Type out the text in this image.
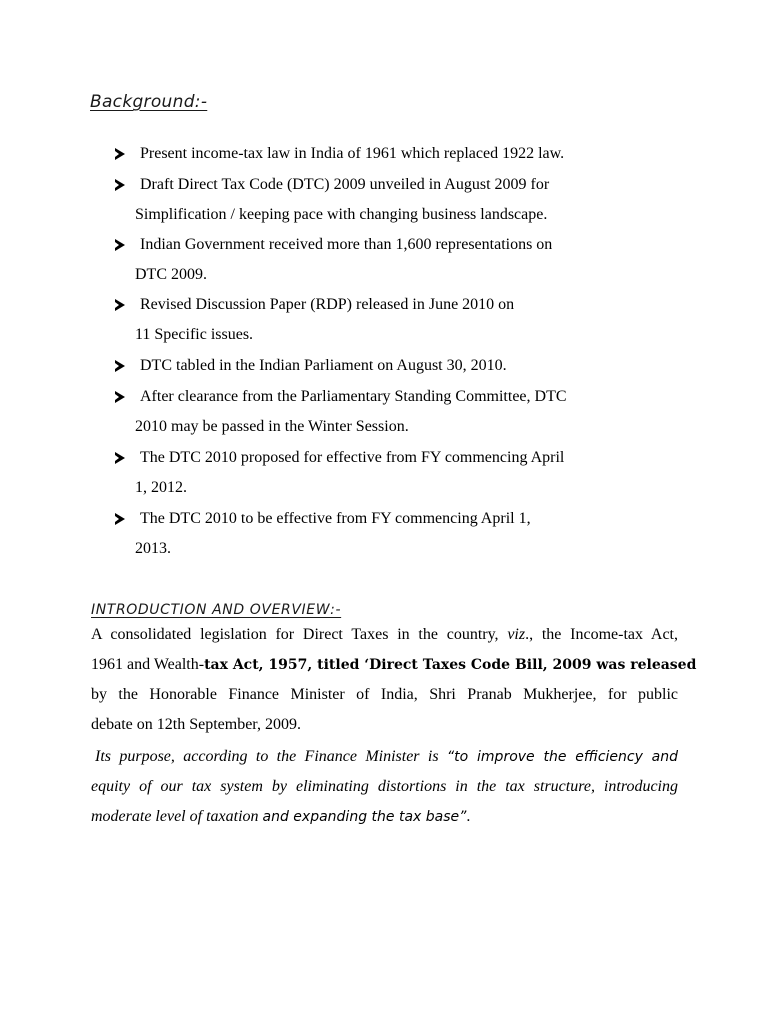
Background:-
Present income-tax law in India of 1961 which replaced 1922 law.
Draft Direct Tax Code (DTC) 2009 unveiled in August 2009 for
Simplification / keeping pace with changing business landscape.
Indian Government received more than 1,600 representations on
DTC 2009.
Revised Discussion Paper (RDP) released in June 2010 on
11 Specific issues.
DTC tabled in the Indian Parliament on August 30, 2010.
After clearance from the Parliamentary Standing Committee, DTC
2010 may be passed in the Winter Session.
The DTC 2010 proposed for effective from FY commencing April
1, 2012.
The DTC 2010 to be effective from FY commencing April 1,
2013.
INTRODUCTION AND OVERVIEW:-
A consolidated legislation for Direct Taxes in the country, viz., the Income-tax Act,
1961 and Wealth-tax Act, 1957, titled ‘Direct Taxes Code Bill, 2009 was released
by the Honorable Finance Minister of India, Shri Pranab Mukherjee, for public
debate on 12th September, 2009.
Its purpose, according to the Finance Minister is “to improve the efficiency and
equity of our tax system by eliminating distortions in the tax structure, introducing
moderate level of taxation and expanding the tax base”.
